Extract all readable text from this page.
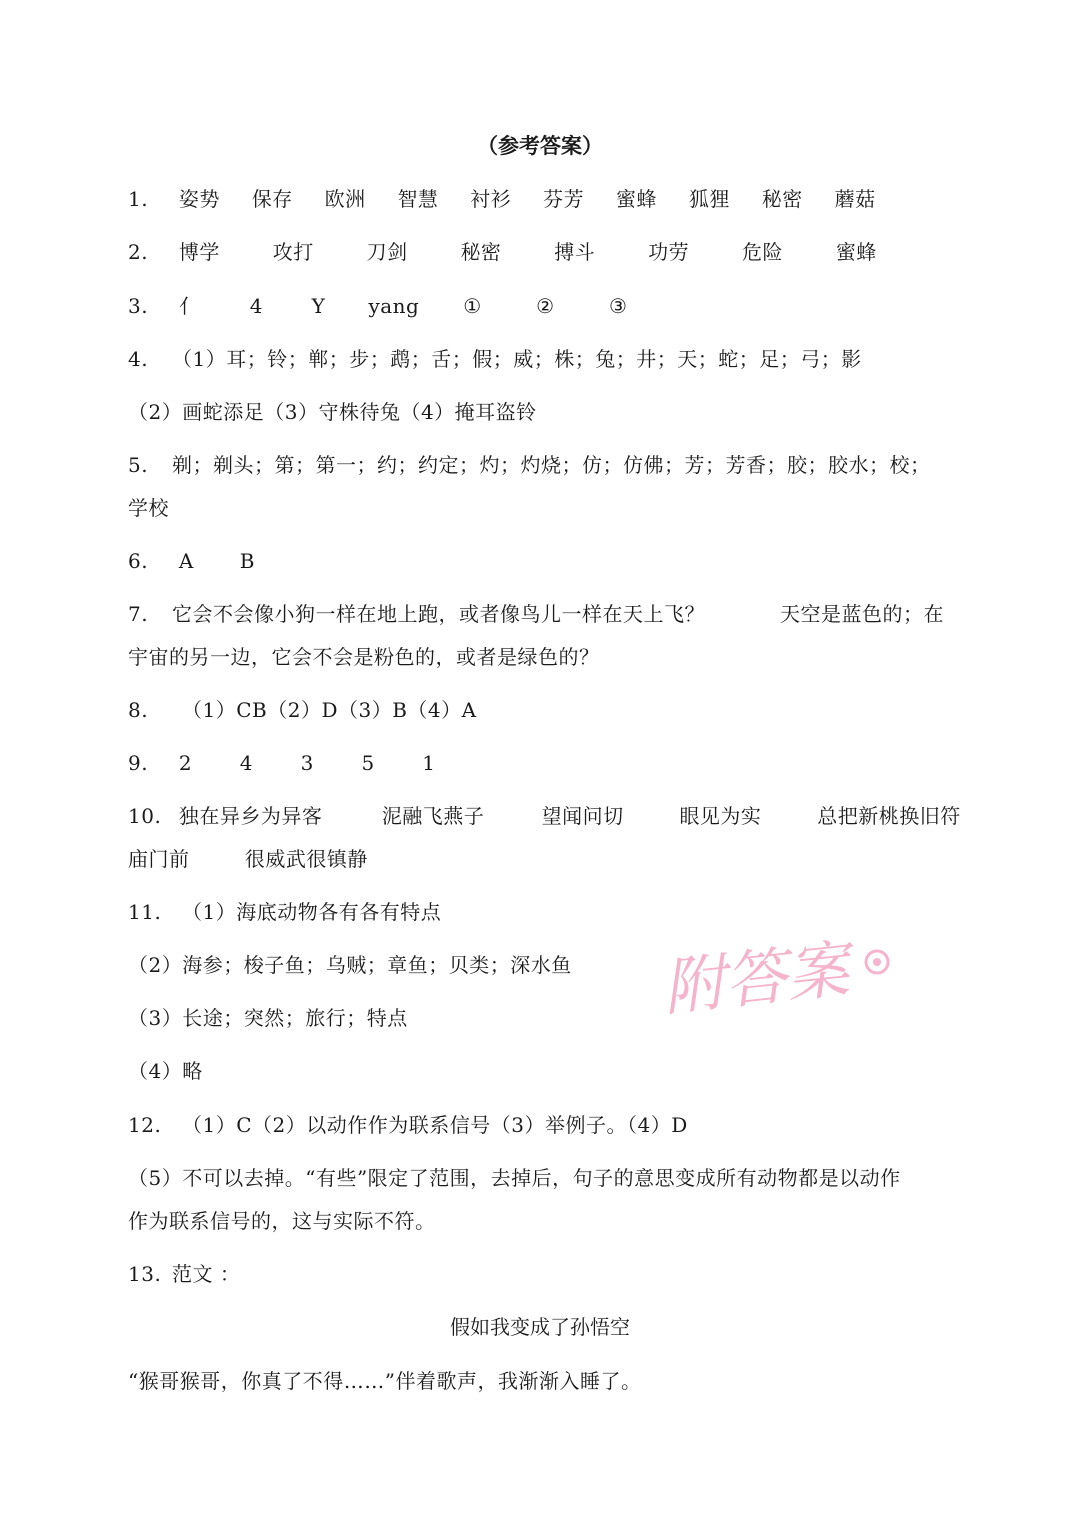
（参考答案）
1. 姿势 保存 欧洲 智慧 衬衫 芬芳 蜜蜂 狐狸 秘密 蘑菇
2. 博学	攻打	刀剑	秘密	搏斗	功劳	危险	蜜蜂
3. 亻	4 Y yang ①	②	③
4. （1）耳；铃；郸；步；鹉；舌；假；威；株；兔；井；天；蛇；足；弓；影
（2）画蛇添足（3）守株待兔（4）掩耳盗铃
5. 剃；剃头；第；第一；约；约定；灼；灼烧；仿；仿佛；芳；芳香；胶；胶水；校；
学校
6. A B
7. 它会不会像小狗一样在地上跑，或者像鸟儿一样在天上飞？	天空是蓝色的；在
宇宙的另一边，它会不会是粉色的，或者是绿色的？
8. （1）CB（2）D（3）B（4）A
9. 2 4 3 5 1
10. 独在异乡为异客	泥融飞燕子	望闻问切	眼见为实	总把新桃换旧符
庙门前	很威武很镇静
11. （1）海底动物各有各有特点
（2）海参；梭子鱼；乌贼；章鱼；贝类；深水鱼
（3）长途；突然；旅行；特点
（4）略
12. （1）C（2）以动作作为联系信号（3）举例子。（4）D
（5）不可以去掉。“有些”限定了范围，去掉后，句子的意思变成所有动物都是以动作
作为联系信号的，这与实际不符。
13. 范文 ：
假如我变成了孙悟空
“猴哥猴哥，你真了不得……”伴着歌声，我渐渐入睡了。
附答案
